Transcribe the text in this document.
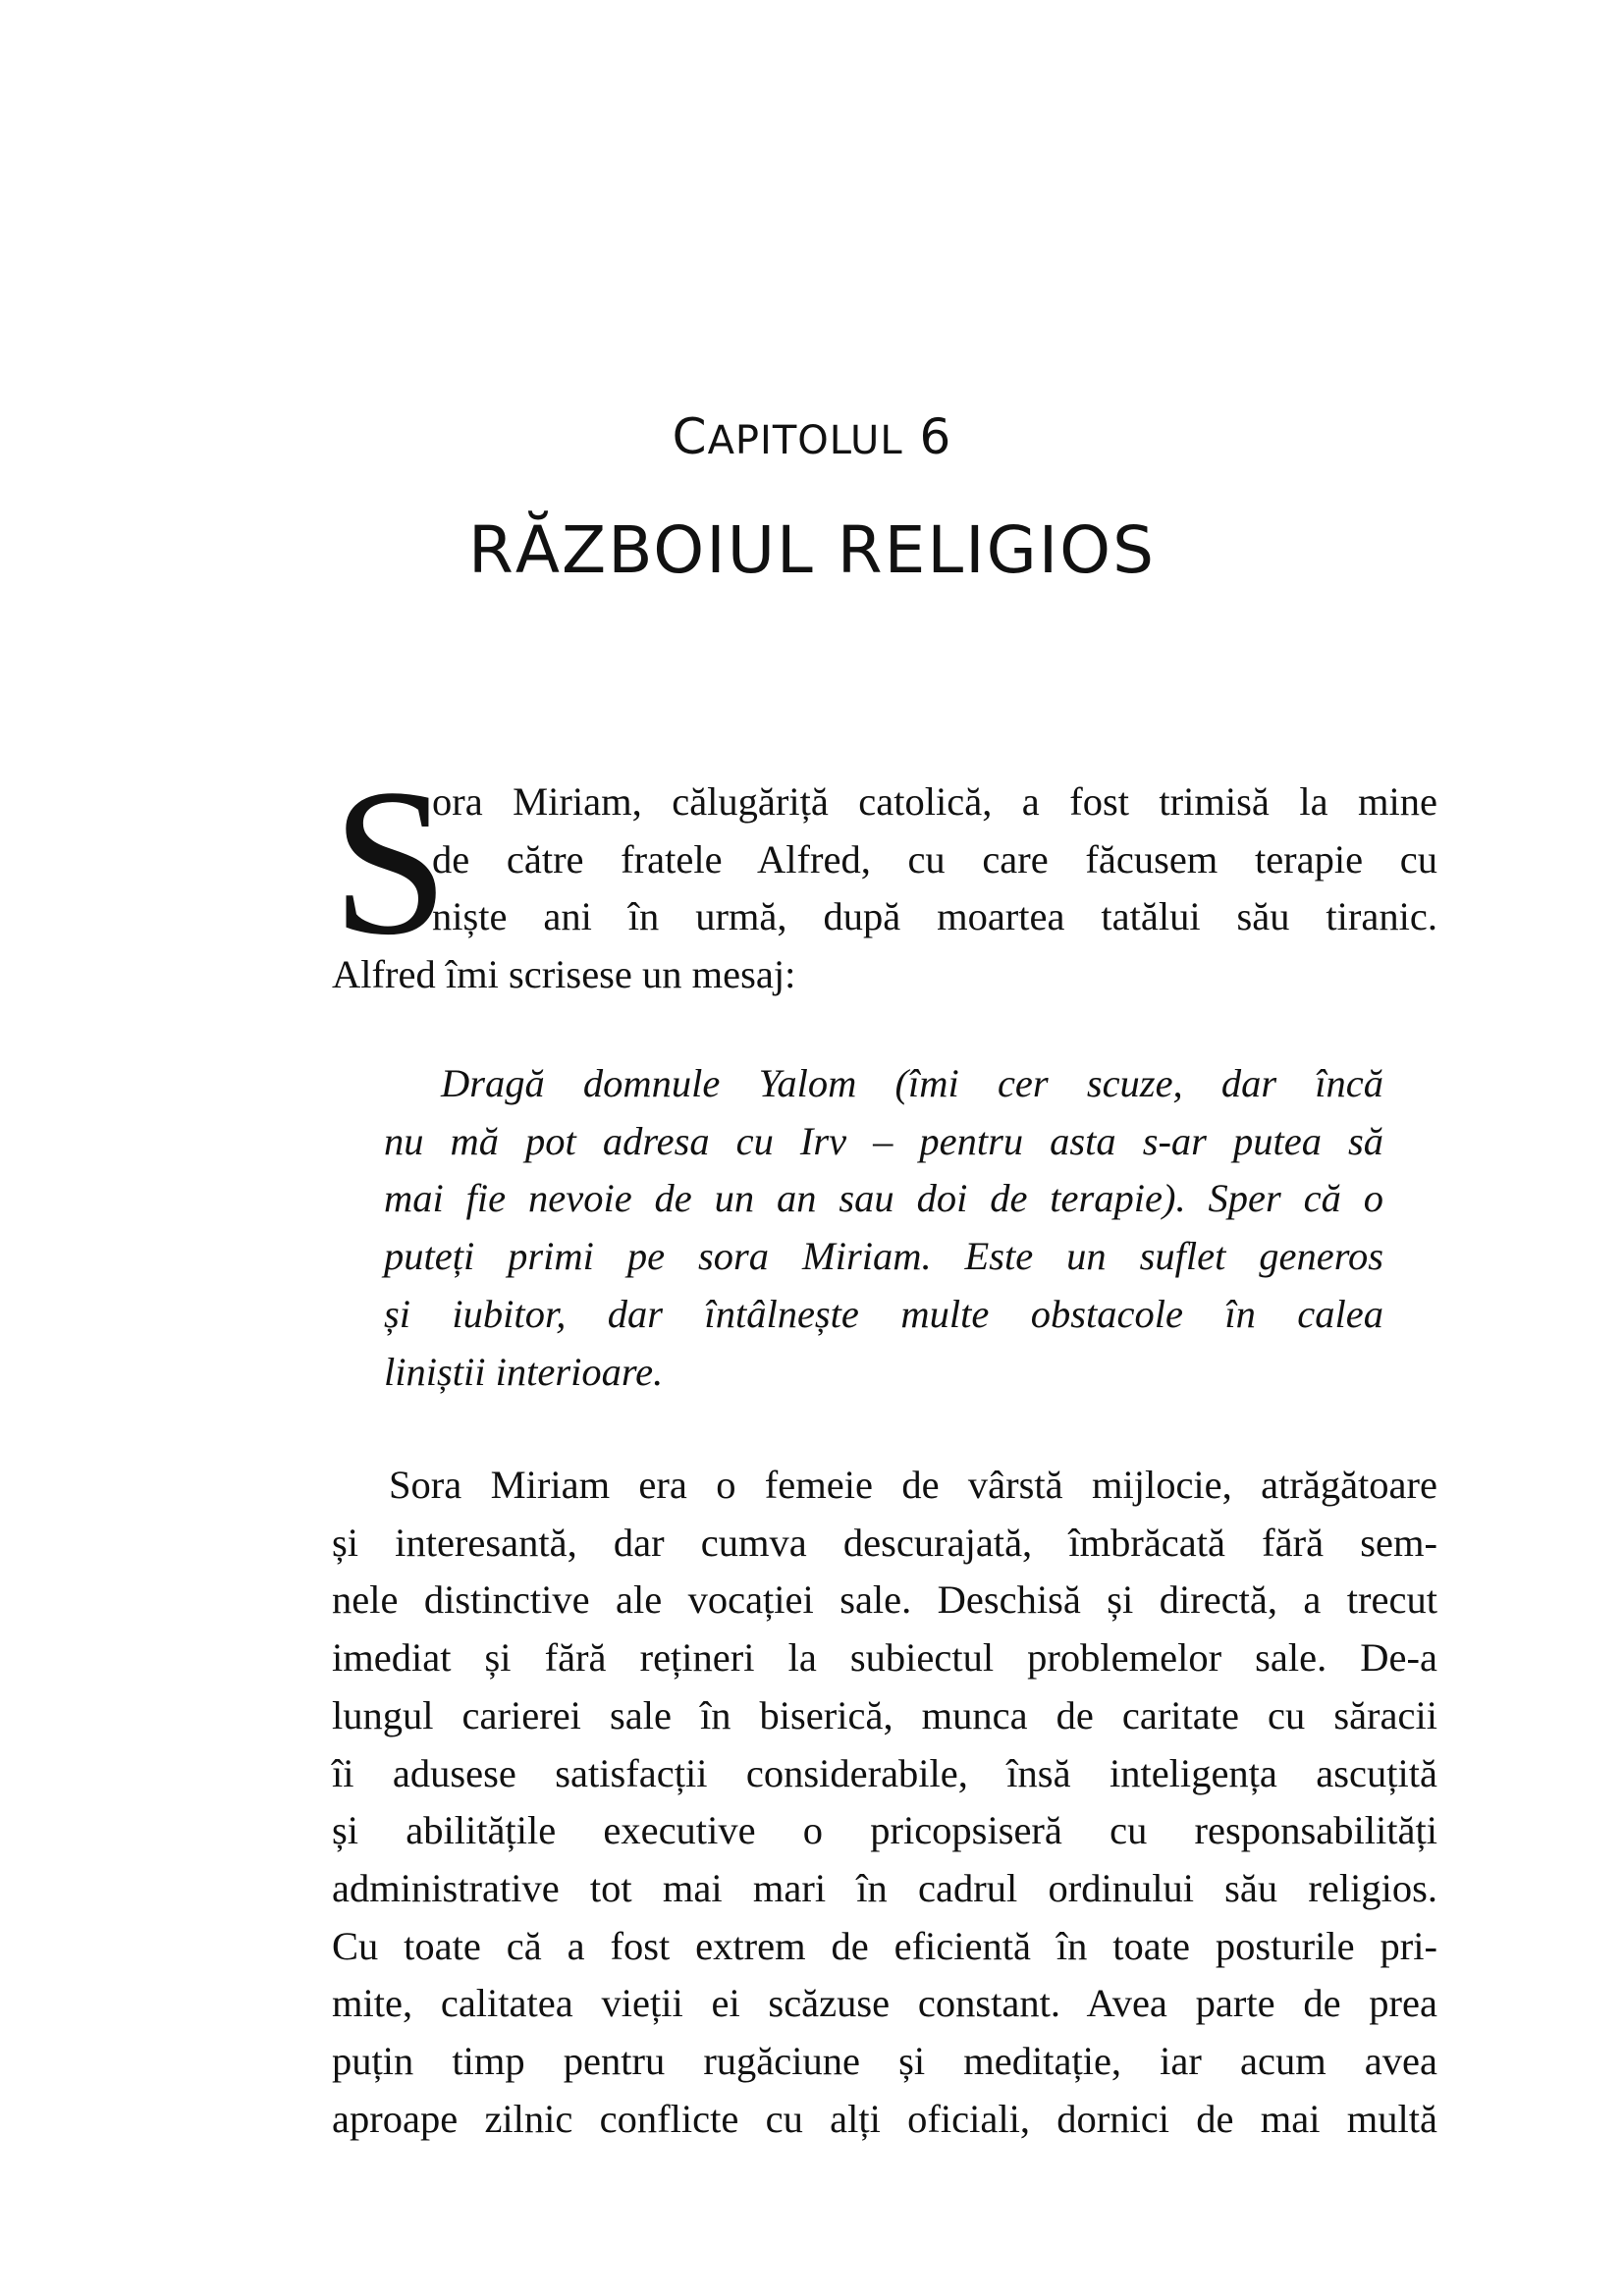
CAPITOLUL 6
RĂZBOIUL RELIGIOS
S
ora Miriam, călugăriță catolică, a fost trimisă la mine
de către fratele Alfred, cu care făcusem terapie cu
niște ani în urmă, după moartea tatălui său tiranic.
Alfred îmi scrisese un mesaj:
Dragă domnule Yalom (îmi cer scuze, dar încă
nu mă pot adresa cu Irv – pentru asta s-ar putea să
mai fie nevoie de un an sau doi de terapie). Sper că o
puteți primi pe sora Miriam. Este un suflet generos
și iubitor, dar întâlnește multe obstacole în calea
liniștii interioare.
Sora Miriam era o femeie de vârstă mijlocie, atrăgătoare
și interesantă, dar cumva descurajată, îmbrăcată fără sem-
nele distinctive ale vocației sale. Deschisă și directă, a trecut
imediat și fără rețineri la subiectul problemelor sale. De-a
lungul carierei sale în biserică, munca de caritate cu săracii
îi adusese satisfacții considerabile, însă inteligența ascuțită
și abilitățile executive o pricopsiseră cu responsabilități
administrative tot mai mari în cadrul ordinului său religios.
Cu toate că a fost extrem de eficientă în toate posturile pri-
mite, calitatea vieții ei scăzuse constant. Avea parte de prea
puțin timp pentru rugăciune și meditație, iar acum avea
aproape zilnic conflicte cu alți oficiali, dornici de mai multă
